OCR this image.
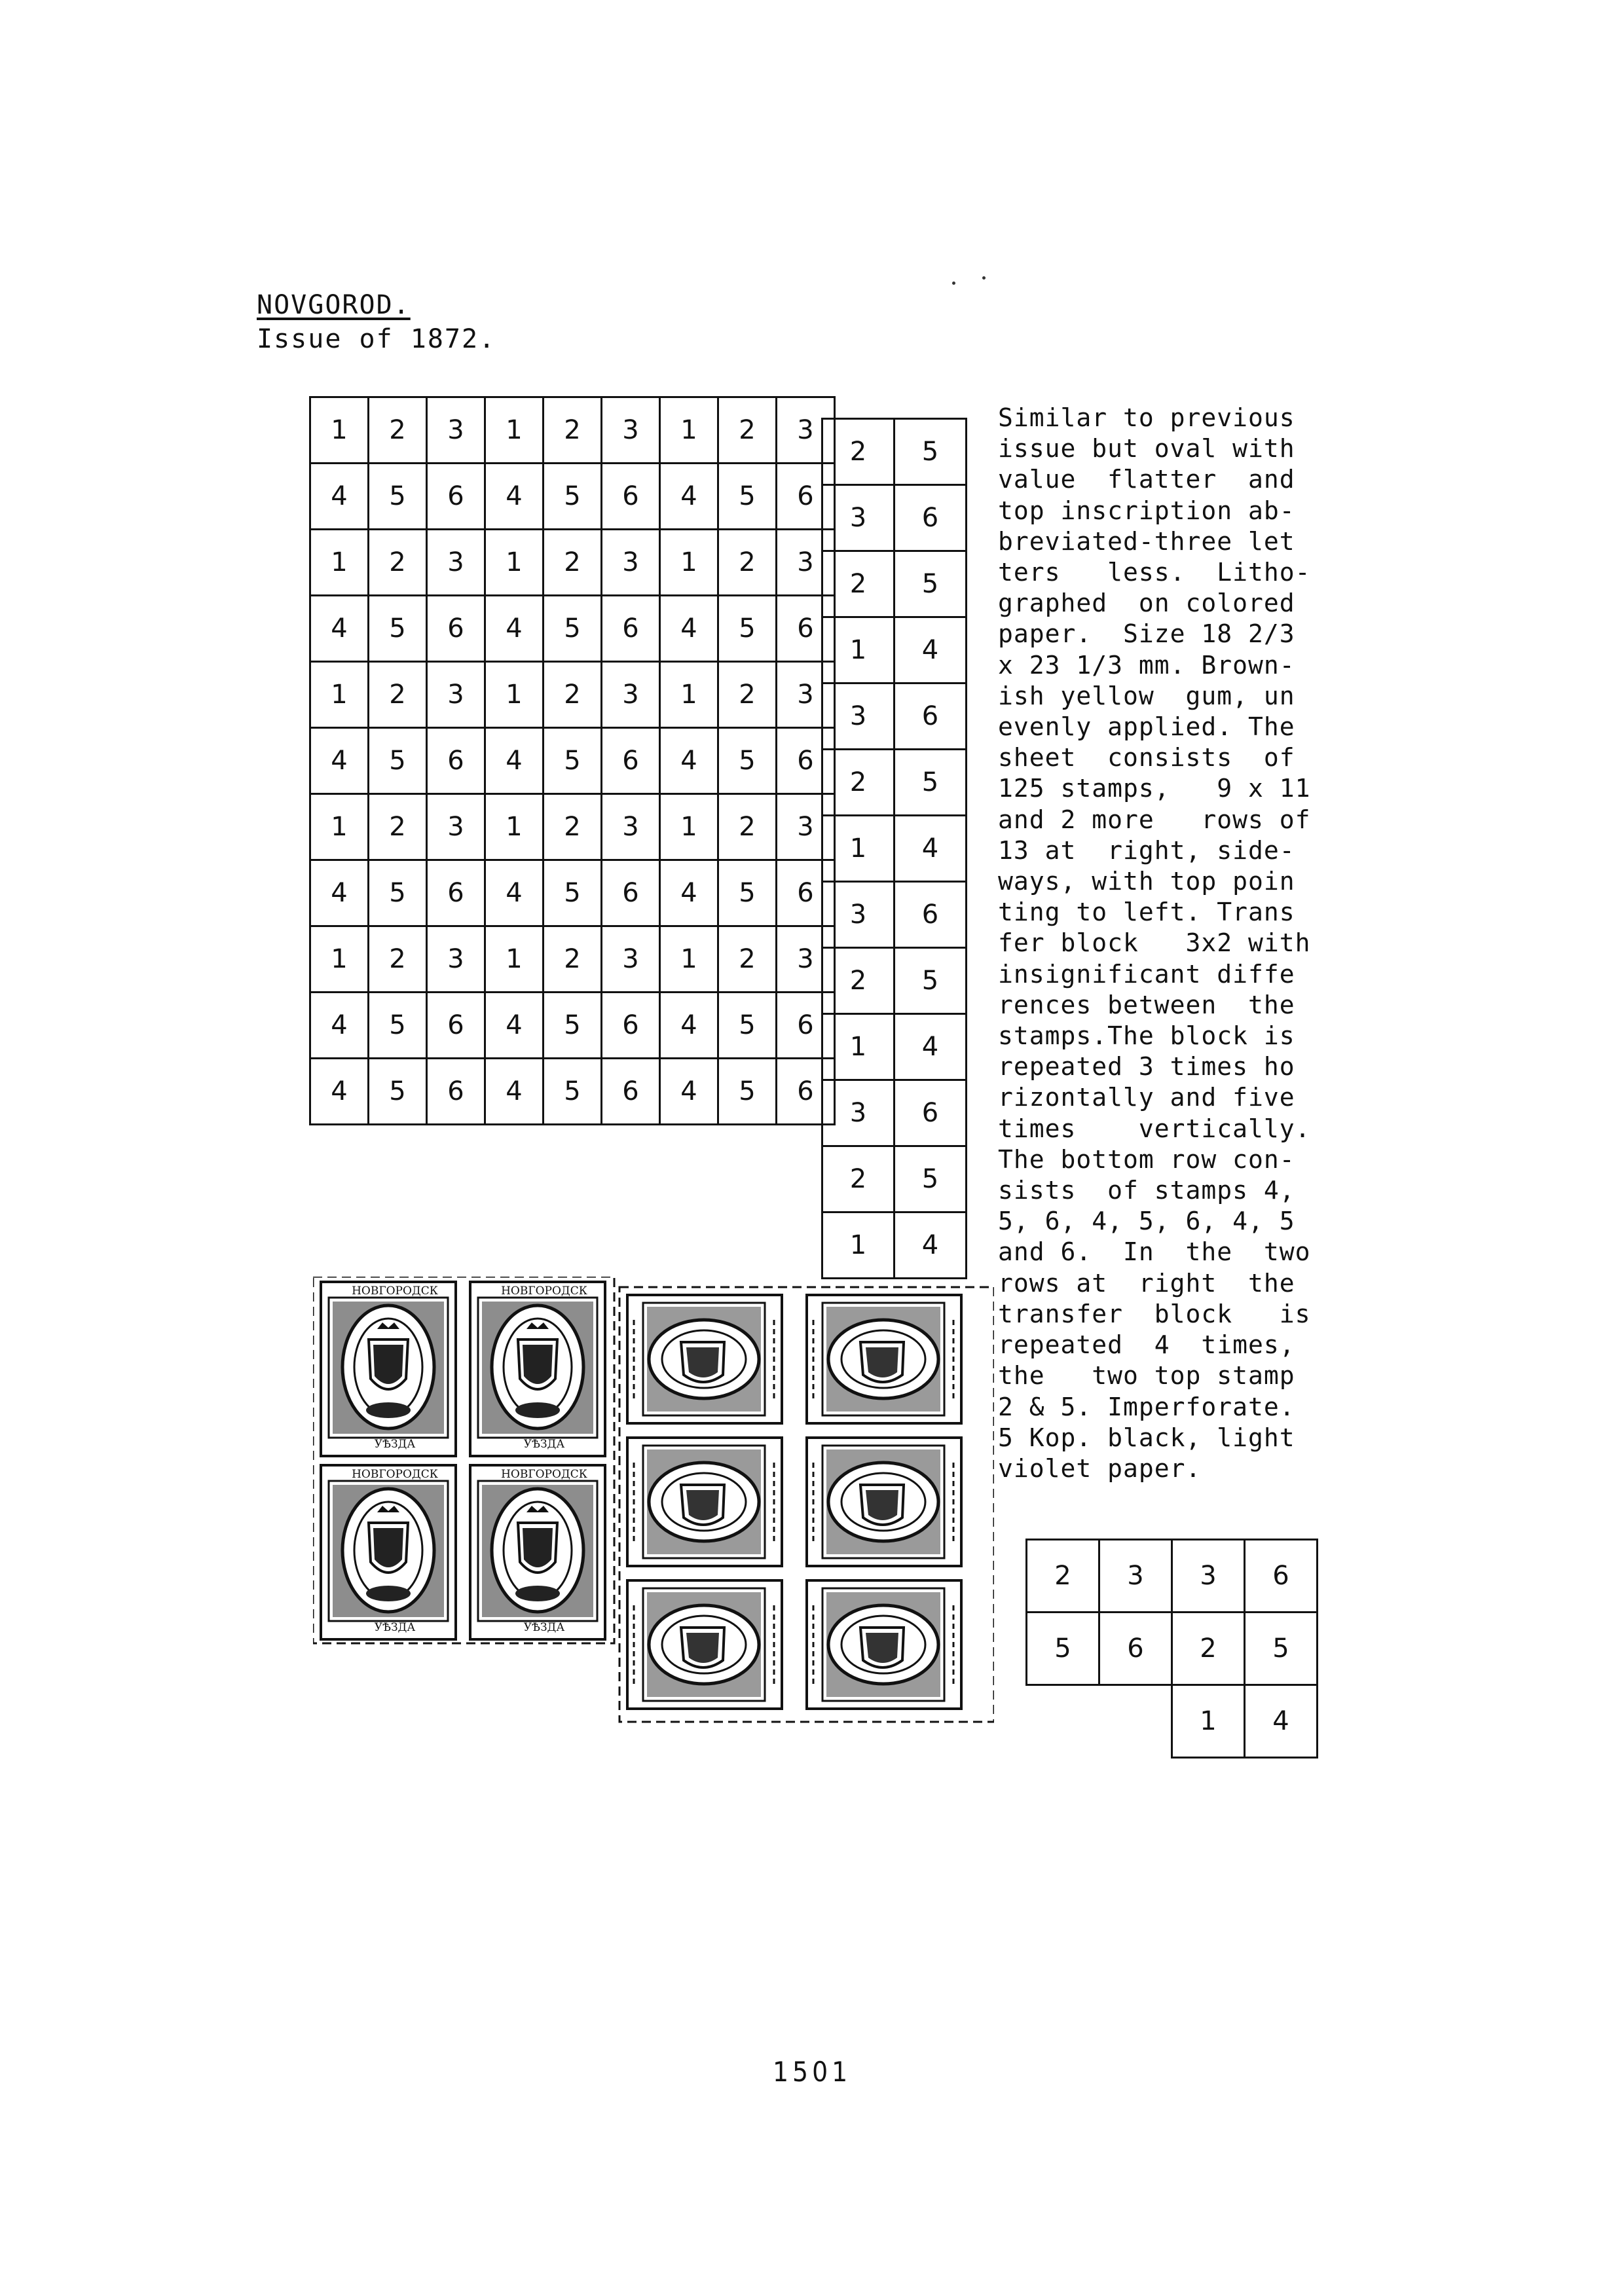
NOVGOROD.
Issue of 1872.
1	2	3	1	2	3	1	2	3
4	5	6	4	5	6	4	5	6
1	2	3	1	2	3	1	2	3
4	5	6	4	5	6	4	5	6
1	2	3	1	2	3	1	2	3
4	5	6	4	5	6	4	5	6
1	2	3	1	2	3	1	2	3
4	5	6	4	5	6	4	5	6
1	2	3	1	2	3	1	2	3
4	5	6	4	5	6	4	5	6
4	5	6	4	5	6	4	5	6
2	5
3	6
2	5
1	4
3	6
2	5
1	4
3	6
2	5
1	4
3	6
2	5
1	4
Similar to previous
issue but oval with
value  flatter  and
top inscription ab-
breviated-three let
ters   less.  Litho-
graphed  on colored
paper.  Size 18 2/3
x 23 1/3 mm. Brown-
ish yellow  gum, un
evenly applied. The
sheet  consists  of
125 stamps,   9 x 11
and 2 more   rows of
13 at  right, side-
ways, with top poin
ting to left. Trans
fer block   3x2 with
insignificant diffe
rences between  the
stamps.The block is
repeated 3 times ho
rizontally and five
times    vertically.
The bottom row con-
sists  of stamps 4,
5, 6, 4, 5, 6, 4, 5
and 6.  In  the  two
rows at  right  the
transfer  block   is
repeated  4  times,
the   two top stamp
2 & 5. Imperforate.
5 Kop. black, light
violet paper.
НОВГОРОДСК	НОВГОРОДСК
НОВГОРОДСК	НОВГОРОДСК
УѢЗДА	УѢЗДА
УѢЗДА	УѢЗДА
2	3	3	6
5	6	2	5
		1	4
1501
